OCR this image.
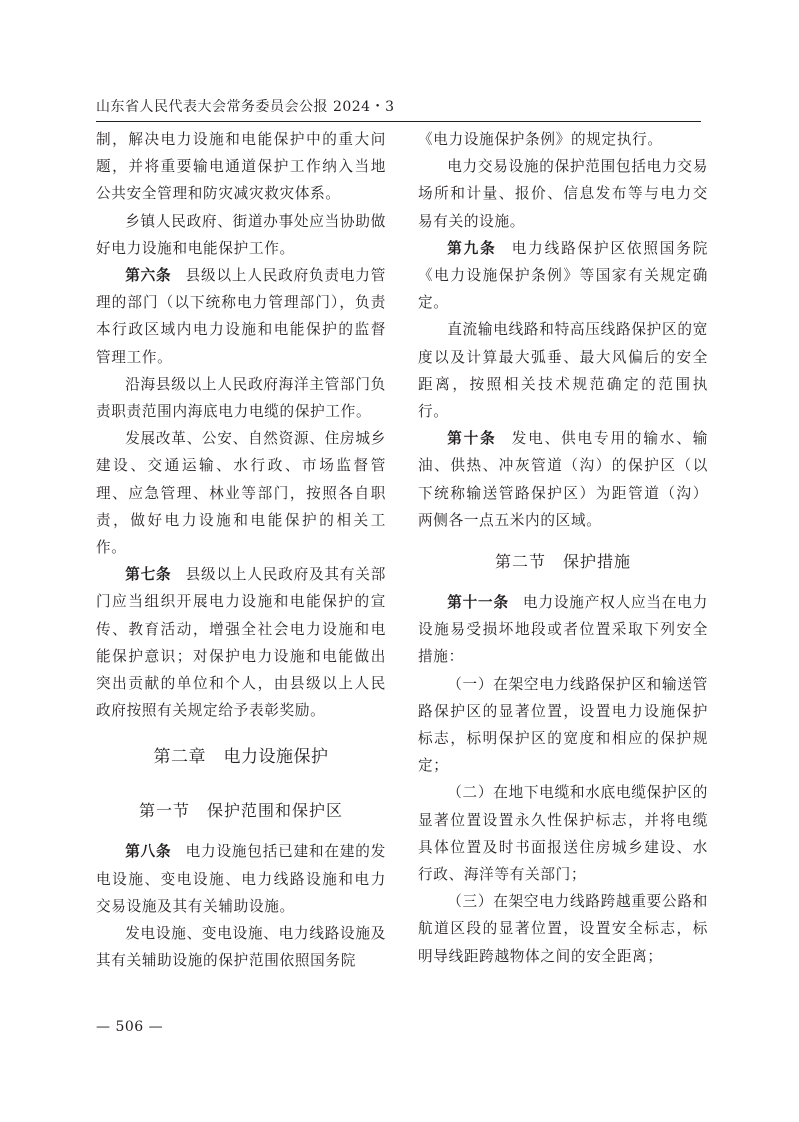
山东省人民代表大会常务委员会公报 2024・3

制，解决电力设施和电能保护中的重大问题，并将重要输电通道保护工作纳入当地公共安全管理和防灾减灾救灾体系。

乡镇人民政府、街道办事处应当协助做好电力设施和电能保护工作。

第六条 县级以上人民政府负责电力管理的部门（以下统称电力管理部门），负责本行政区域内电力设施和电能保护的监督管理工作。

沿海县级以上人民政府海洋主管部门负责职责范围内海底电力电缆的保护工作。

发展改革、公安、自然资源、住房城乡建设、交通运输、水行政、市场监督管理、应急管理、林业等部门，按照各自职责，做好电力设施和电能保护的相关工作。

第七条 县级以上人民政府及其有关部门应当组织开展电力设施和电能保护的宣传、教育活动，增强全社会电力设施和电能保护意识；对保护电力设施和电能做出突出贡献的单位和个人，由县级以上人民政府按照有关规定给予表彰奖励。

第二章　电力设施保护
第一节　保护范围和保护区

第八条 电力设施包括已建和在建的发电设施、变电设施、电力线路设施和电力交易设施及其有关辅助设施。

发电设施、变电设施、电力线路设施及其有关辅助设施的保护范围依照国务院

《电力设施保护条例》的规定执行。

电力交易设施的保护范围包括电力交易场所和计量、报价、信息发布等与电力交易有关的设施。

第九条 电力线路保护区依照国务院《电力设施保护条例》等国家有关规定确定。

直流输电线路和特高压线路保护区的宽度以及计算最大弧垂、最大风偏后的安全距离，按照相关技术规范确定的范围执行。

第十条 发电、供电专用的输水、输油、供热、冲灰管道（沟）的保护区（以下统称输送管路保护区）为距管道（沟）两侧各一点五米内的区域。

第二节　保护措施

第十一条 电力设施产权人应当在电力设施易受损坏地段或者位置采取下列安全措施：

（一）在架空电力线路保护区和输送管路保护区的显著位置，设置电力设施保护标志，标明保护区的宽度和相应的保护规定；

（二）在地下电缆和水底电缆保护区的显著位置设置永久性保护标志，并将电缆具体位置及时书面报送住房城乡建设、水行政、海洋等有关部门；

（三）在架空电力线路跨越重要公路和航道区段的显著位置，设置安全标志，标明导线距跨越物体之间的安全距离；

— 506 —
